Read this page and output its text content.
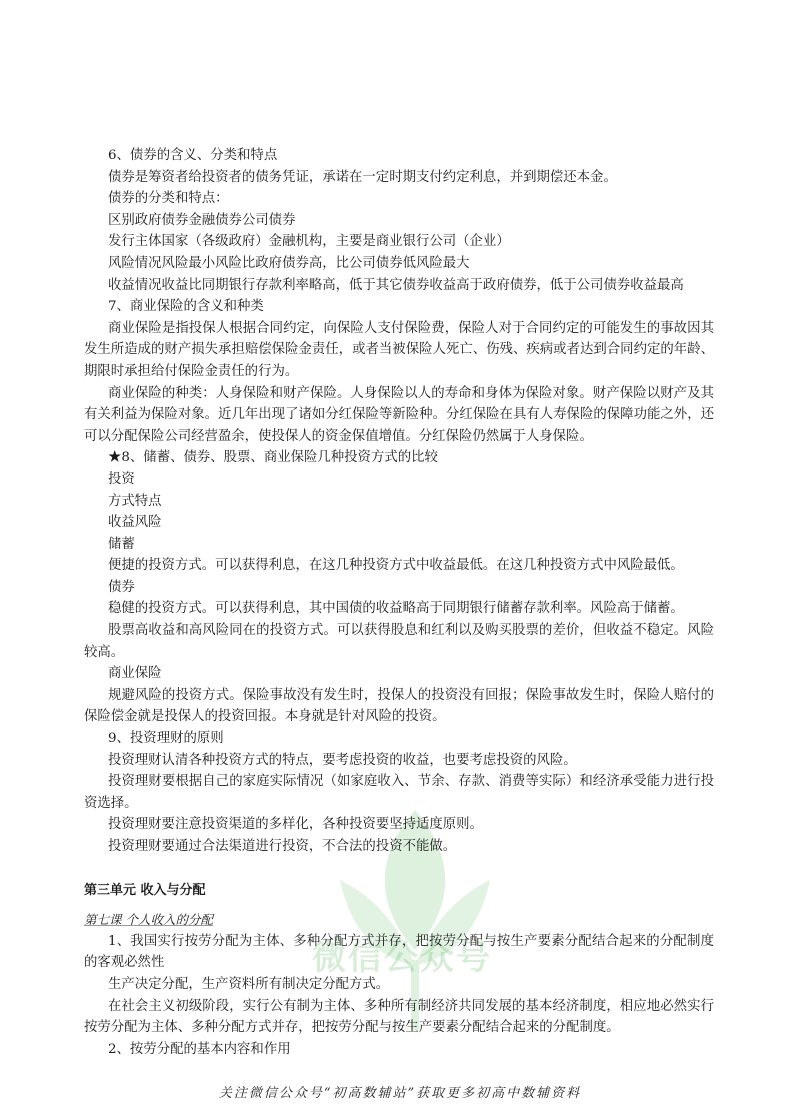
微信公众号

6、债券的含义、分类和特点

债券是筹资者给投资者的债务凭证，承诺在一定时期支付约定利息，并到期偿还本金。

债券的分类和特点：

区别政府债券金融债券公司债券

发行主体国家（各级政府）金融机构，主要是商业银行公司（企业）

风险情况风险最小风险比政府债券高，比公司债券低风险最大

收益情况收益比同期银行存款利率略高，低于其它债券收益高于政府债券，低于公司债券收益最高

7、商业保险的含义和种类

商业保险是指投保人根据合同约定，向保险人支付保险费，保险人对于合同约定的可能发生的事故因其发生所造成的财产损失承担赔偿保险金责任，或者当被保险人死亡、伤残、疾病或者达到合同约定的年龄、期限时承担给付保险金责任的行为。

商业保险的种类：人身保险和财产保险。人身保险以人的寿命和身体为保险对象。财产保险以财产及其有关利益为保险对象。近几年出现了诸如分红保险等新险种。分红保险在具有人寿保险的保障功能之外，还可以分配保险公司经营盈余，使投保人的资金保值增值。分红保险仍然属于人身保险。

★8、储蓄、债券、股票、商业保险几种投资方式的比较

投资

方式特点

收益风险

储蓄

便捷的投资方式。可以获得利息，在这几种投资方式中收益最低。在这几种投资方式中风险最低。

债券

稳健的投资方式。可以获得利息，其中国债的收益略高于同期银行储蓄存款利率。风险高于储蓄。

股票高收益和高风险同在的投资方式。可以获得股息和红利以及购买股票的差价，但收益不稳定。风险较高。

商业保险

规避风险的投资方式。保险事故没有发生时，投保人的投资没有回报；保险事故发生时，保险人赔付的保险偿金就是投保人的投资回报。本身就是针对风险的投资。

9、投资理财的原则

投资理财认清各种投资方式的特点，要考虑投资的收益，也要考虑投资的风险。

投资理财要根据自己的家庭实际情况（如家庭收入、节余、存款、消费等实际）和经济承受能力进行投资选择。

投资理财要注意投资渠道的多样化，各种投资要坚持适度原则。

投资理财要通过合法渠道进行投资，不合法的投资不能做。

第三单元 收入与分配

第七课 个人收入的分配

1、我国实行按劳分配为主体、多种分配方式并存，把按劳分配与按生产要素分配结合起来的分配制度的客观必然性

生产决定分配，生产资料所有制决定分配方式。

在社会主义初级阶段，实行公有制为主体、多种所有制经济共同发展的基本经济制度，相应地必然实行按劳分配为主体、多种分配方式并存，把按劳分配与按生产要素分配结合起来的分配制度。

2、按劳分配的基本内容和作用

关注微信公众号“初高数辅站”获取更多初高中数辅资料
